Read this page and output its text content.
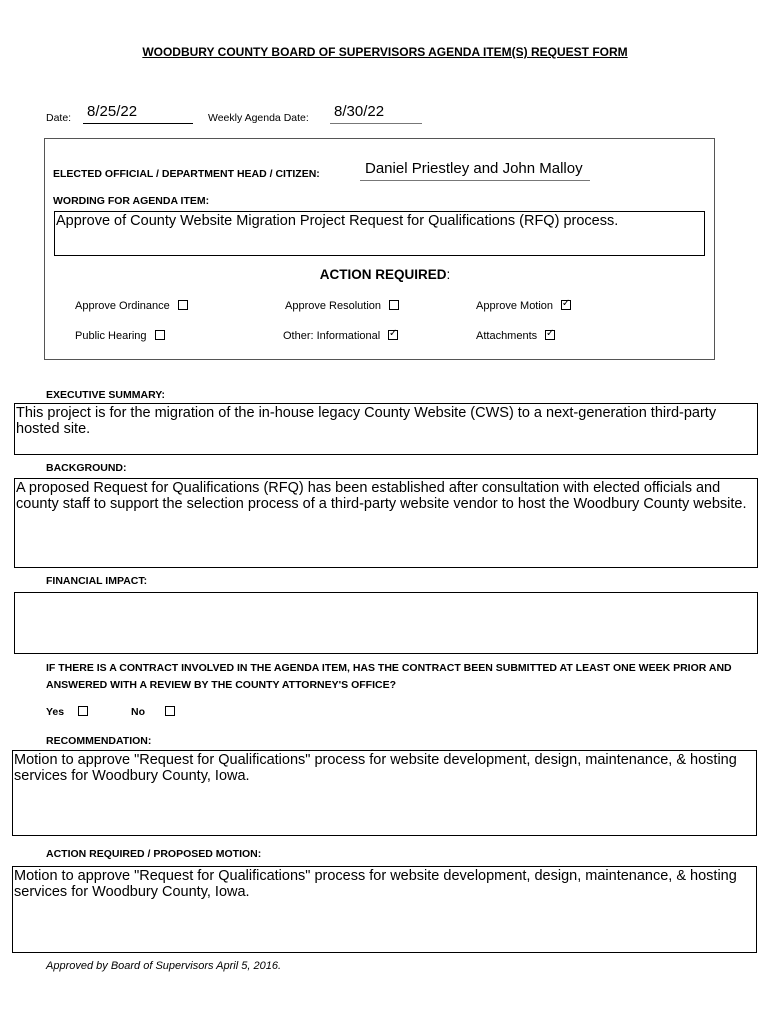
WOODBURY COUNTY BOARD OF SUPERVISORS AGENDA ITEM(S) REQUEST FORM
Date: 8/25/22	Weekly Agenda Date: 8/30/22
ELECTED OFFICIAL / DEPARTMENT HEAD / CITIZEN:	Daniel Priestley and John Malloy
WORDING FOR AGENDA ITEM:
Approve of County Website Migration Project Request for Qualifications (RFQ) process.
ACTION REQUIRED:
Approve Ordinance	Approve Resolution	Approve Motion ✓
Public Hearing	Other: Informational ✓	Attachments ✓
EXECUTIVE SUMMARY:
This project is for the migration of the in-house legacy County Website (CWS) to a next-generation third-party hosted site.
BACKGROUND:
A proposed Request for Qualifications (RFQ) has been established after consultation with elected officials and county staff to support the selection process of a third-party website vendor to host the Woodbury County website.
FINANCIAL IMPACT:
IF THERE IS A CONTRACT INVOLVED IN THE AGENDA ITEM, HAS THE CONTRACT BEEN SUBMITTED AT LEAST ONE WEEK PRIOR AND ANSWERED WITH A REVIEW BY THE COUNTY ATTORNEY'S OFFICE?
Yes	No
RECOMMENDATION:
Motion to approve "Request for Qualifications" process for website development, design, maintenance, & hosting services for Woodbury County, Iowa.
ACTION REQUIRED / PROPOSED MOTION:
Motion to approve "Request for Qualifications" process for website development, design, maintenance, & hosting services for Woodbury County, Iowa.
Approved by Board of Supervisors April 5, 2016.
